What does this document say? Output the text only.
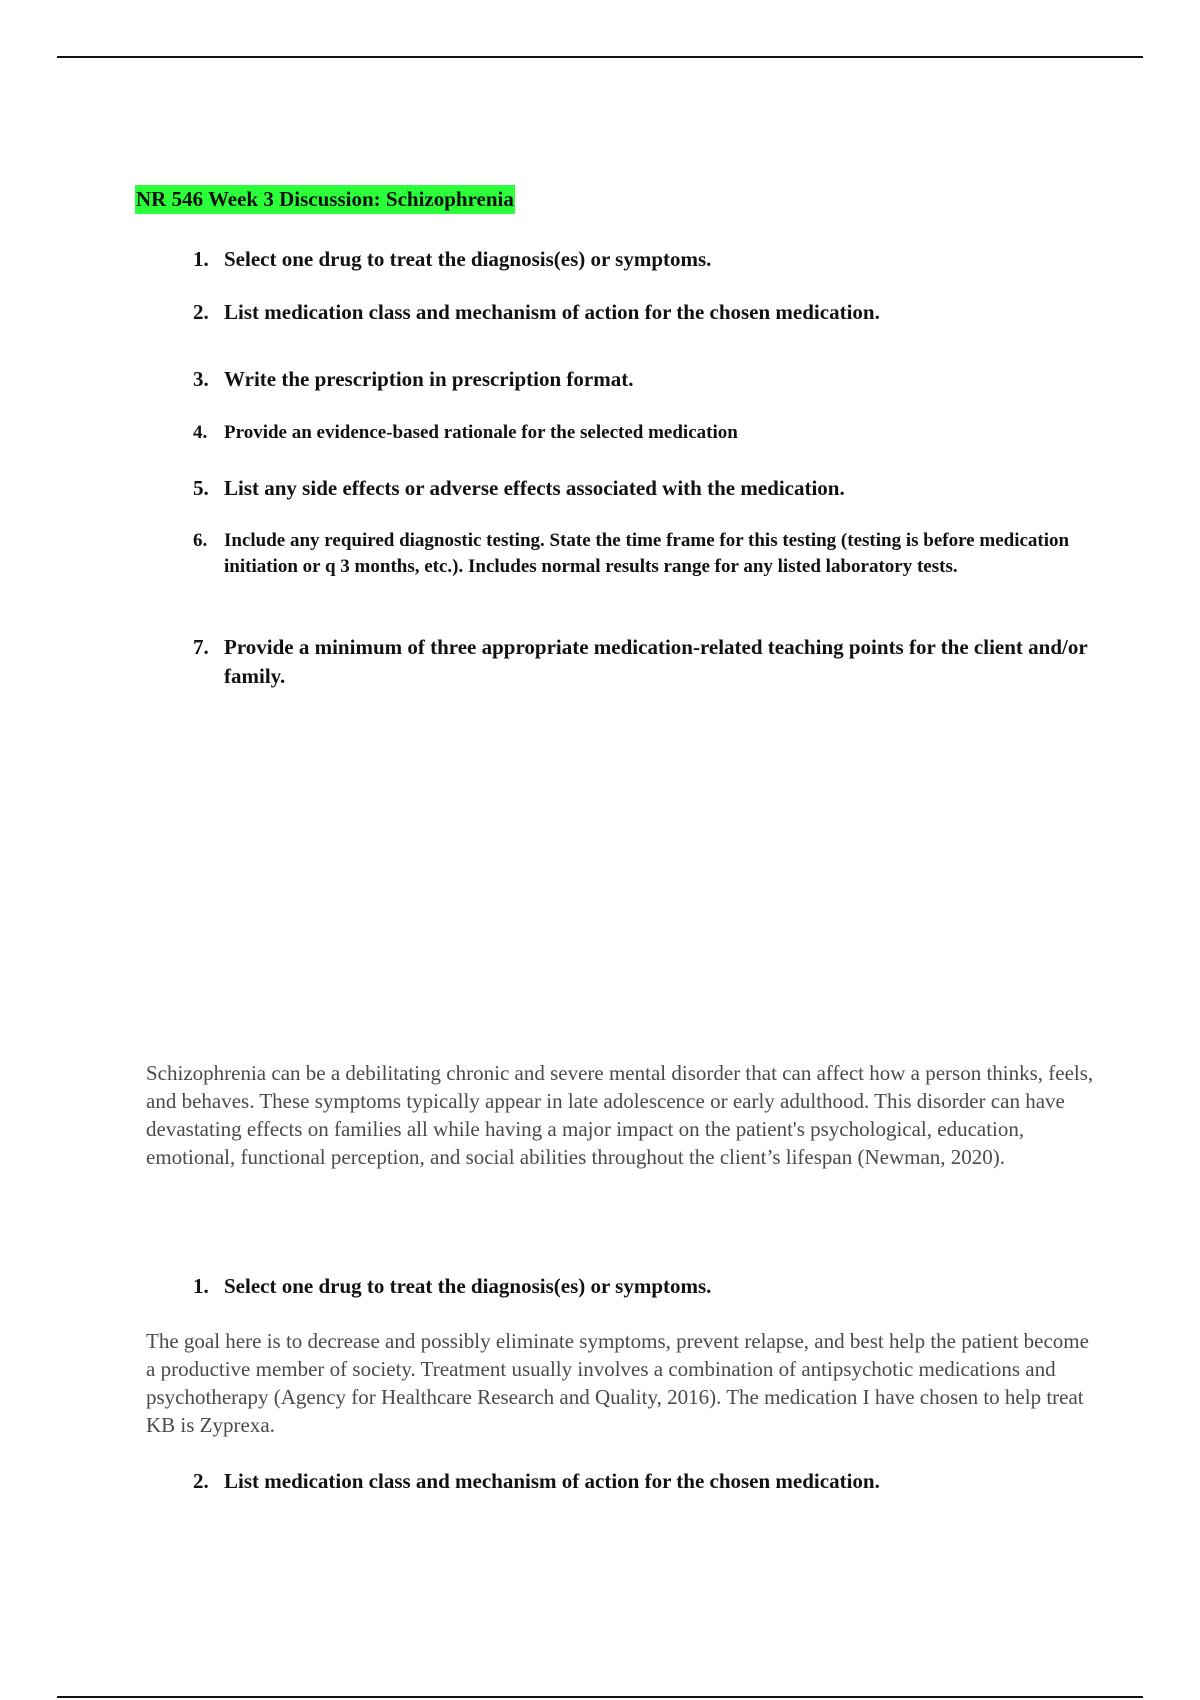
NR 546 Week 3 Discussion: Schizophrenia
1. Select one drug to treat the diagnosis(es) or symptoms.
2. List medication class and mechanism of action for the chosen medication.
3. Write the prescription in prescription format.
4. Provide an evidence-based rationale for the selected medication
5. List any side effects or adverse effects associated with the medication.
6. Include any required diagnostic testing. State the time frame for this testing (testing is before medication initiation or q 3 months, etc.). Includes normal results range for any listed laboratory tests.
7. Provide a minimum of three appropriate medication-related teaching points for the client and/or family.

Schizophrenia can be a debilitating chronic and severe mental disorder that can affect how a person thinks, feels, and behaves. These symptoms typically appear in late adolescence or early adulthood. This disorder can have devastating effects on families all while having a major impact on the patient's psychological, education, emotional, functional perception, and social abilities throughout the client’s lifespan (Newman, 2020).

1. Select one drug to treat the diagnosis(es) or symptoms.

The goal here is to decrease and possibly eliminate symptoms, prevent relapse, and best help the patient become a productive member of society. Treatment usually involves a combination of antipsychotic medications and psychotherapy (Agency for Healthcare Research and Quality, 2016). The medication I have chosen to help treat KB is Zyprexa.

2. List medication class and mechanism of action for the chosen medication.
